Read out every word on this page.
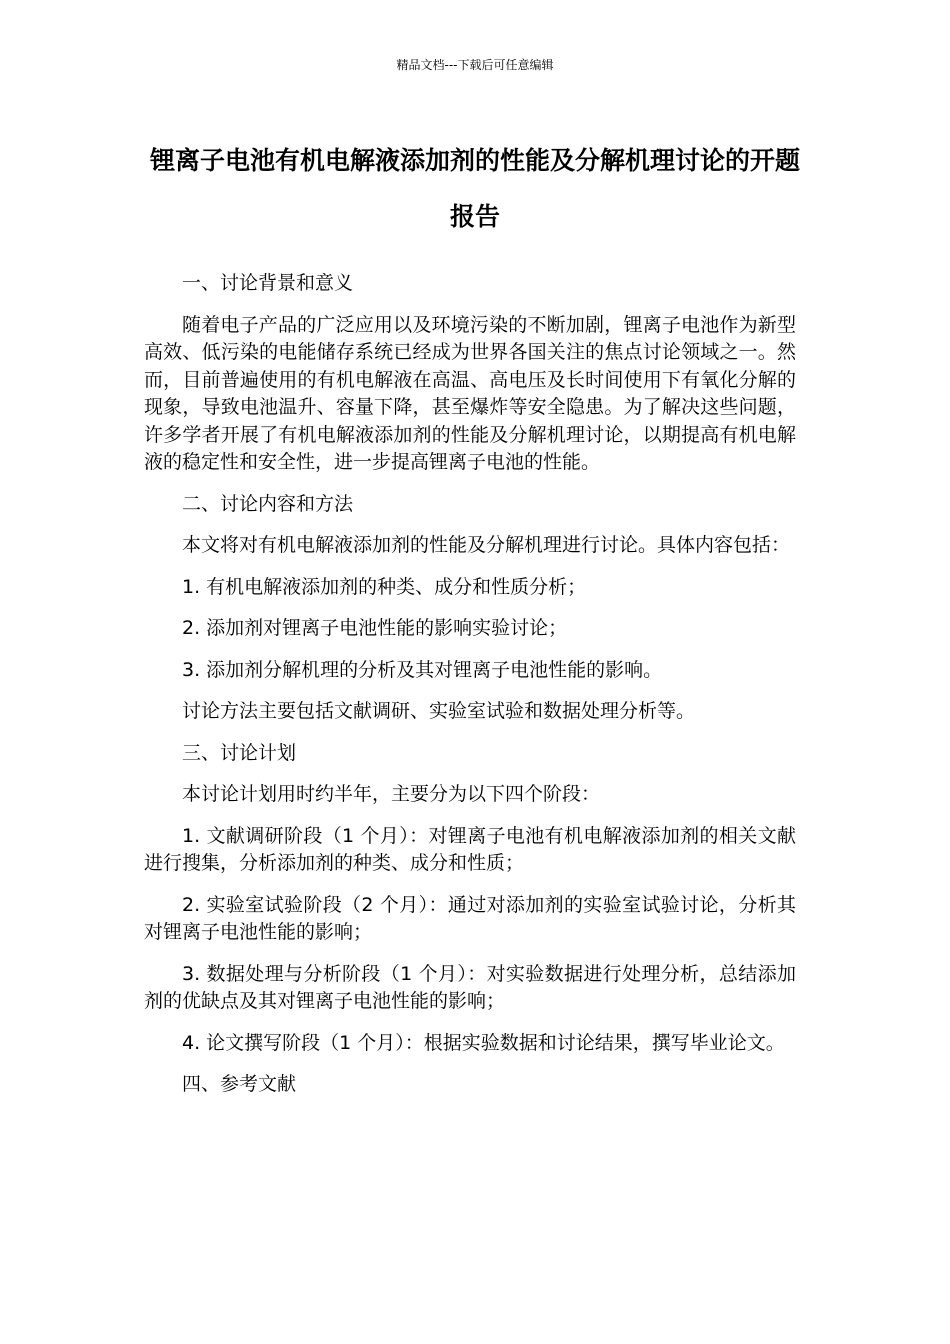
精品文档---下载后可任意编辑
锂离子电池有机电解液添加剂的性能及分解机理讨论的开题报告

一、讨论背景和意义

随着电子产品的广泛应用以及环境污染的不断加剧，锂离子电池作为新型高效、低污染的电能储存系统已经成为世界各国关注的焦点讨论领域之一。然而，目前普遍使用的有机电解液在高温、高电压及长时间使用下有氧化分解的现象，导致电池温升、容量下降，甚至爆炸等安全隐患。为了解决这些问题，许多学者开展了有机电解液添加剂的性能及分解机理讨论，以期提高有机电解液的稳定性和安全性，进一步提高锂离子电池的性能。

二、讨论内容和方法

本文将对有机电解液添加剂的性能及分解机理进行讨论。具体内容包括：

1. 有机电解液添加剂的种类、成分和性质分析；

2. 添加剂对锂离子电池性能的影响实验讨论；

3. 添加剂分解机理的分析及其对锂离子电池性能的影响。

讨论方法主要包括文献调研、实验室试验和数据处理分析等。

三、讨论计划

本讨论计划用时约半年，主要分为以下四个阶段：

1. 文献调研阶段（1 个月）：对锂离子电池有机电解液添加剂的相关文献进行搜集，分析添加剂的种类、成分和性质；

2. 实验室试验阶段（2 个月）：通过对添加剂的实验室试验讨论，分析其对锂离子电池性能的影响；

3. 数据处理与分析阶段（1 个月）：对实验数据进行处理分析，总结添加剂的优缺点及其对锂离子电池性能的影响；

4. 论文撰写阶段（1 个月）：根据实验数据和讨论结果，撰写毕业论文。

四、参考文献
